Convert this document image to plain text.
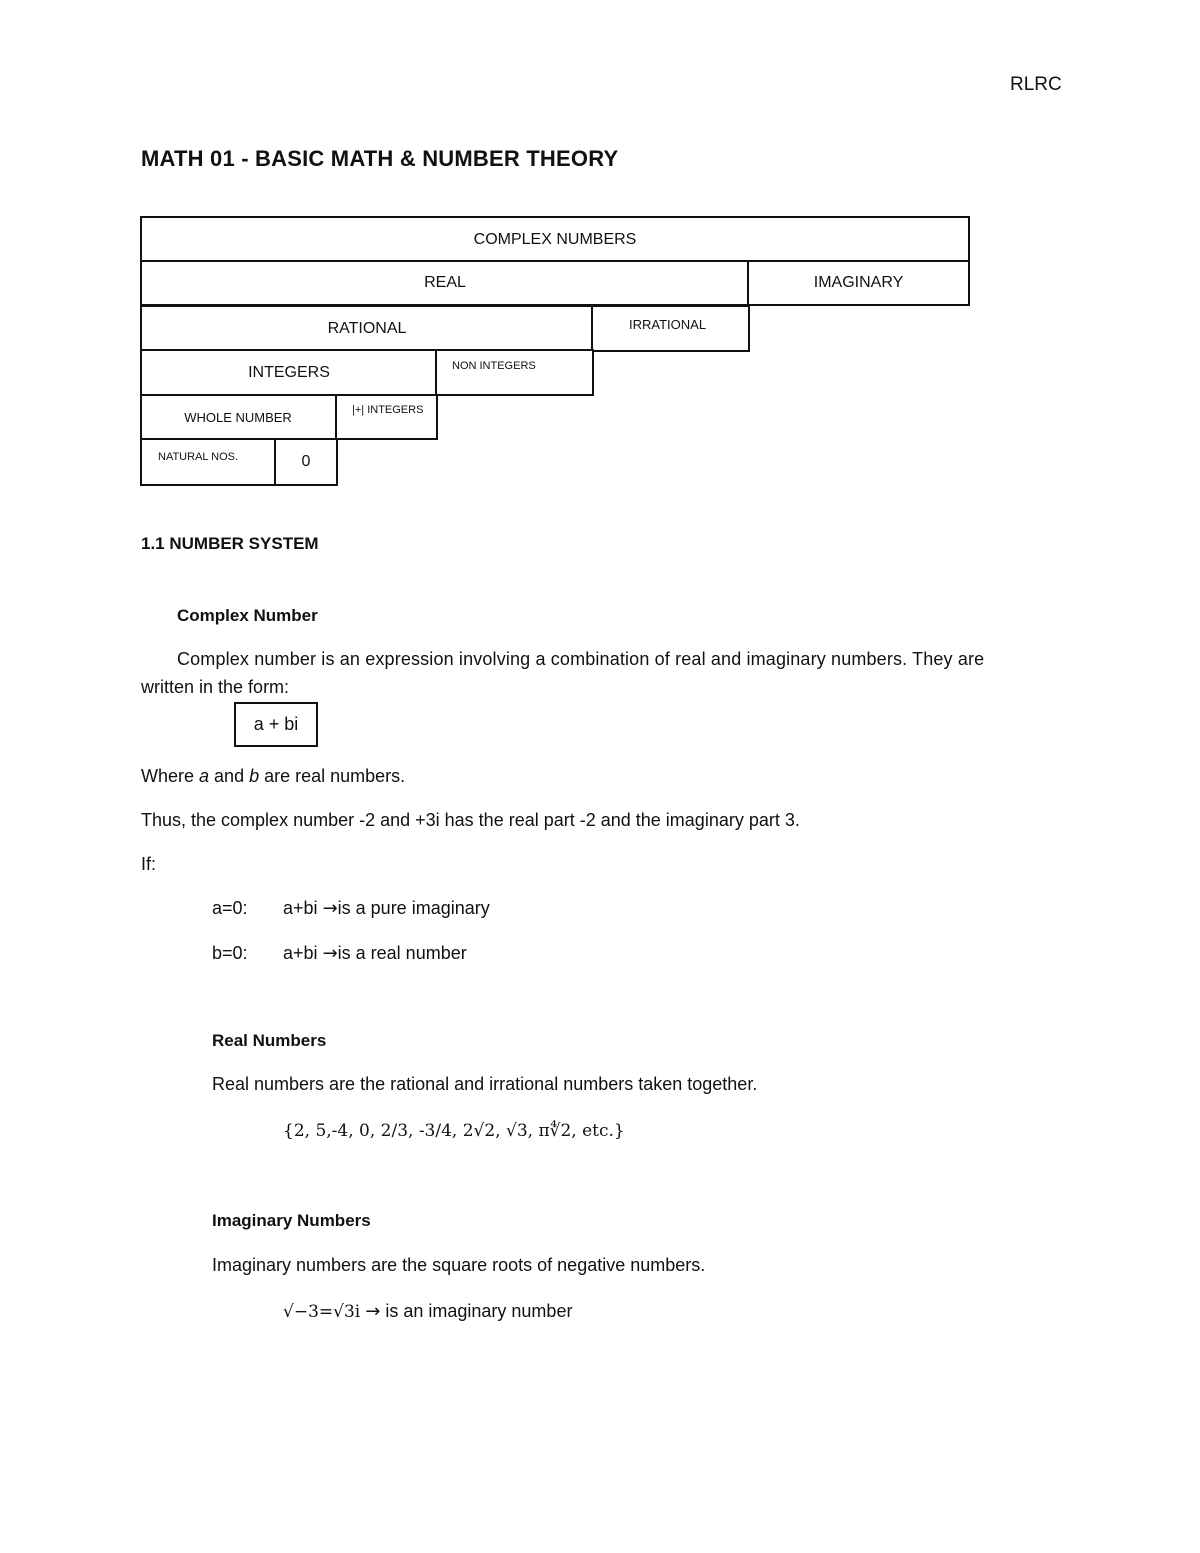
RLRC
MATH 01 - BASIC MATH & NUMBER THEORY
COMPLEX NUMBERS
REAL	IMAGINARY
RATIONAL	IRRATIONAL
INTEGERS	NON INTEGERS
WHOLE NUMBER	|+| INTEGERS
NATURAL NOS.	0
1.1 NUMBER SYSTEM
Complex Number
Complex number is an expression involving a combination of real and imaginary numbers. They are
written in the form:
a + bi
Where a and b are real numbers.
Thus, the complex number -2 and +3i has the real part -2 and the imaginary part 3.
If:
a=0: a+bi →is a pure imaginary
b=0: a+bi →is a real number
Real Numbers
Real numbers are the rational and irrational numbers taken together.
{2, 5,-4, 0, 2/3, -3/4, 2√2, √3, π∜2, etc.}
Imaginary Numbers
Imaginary numbers are the square roots of negative numbers.
√−3=√3i → is an imaginary number
